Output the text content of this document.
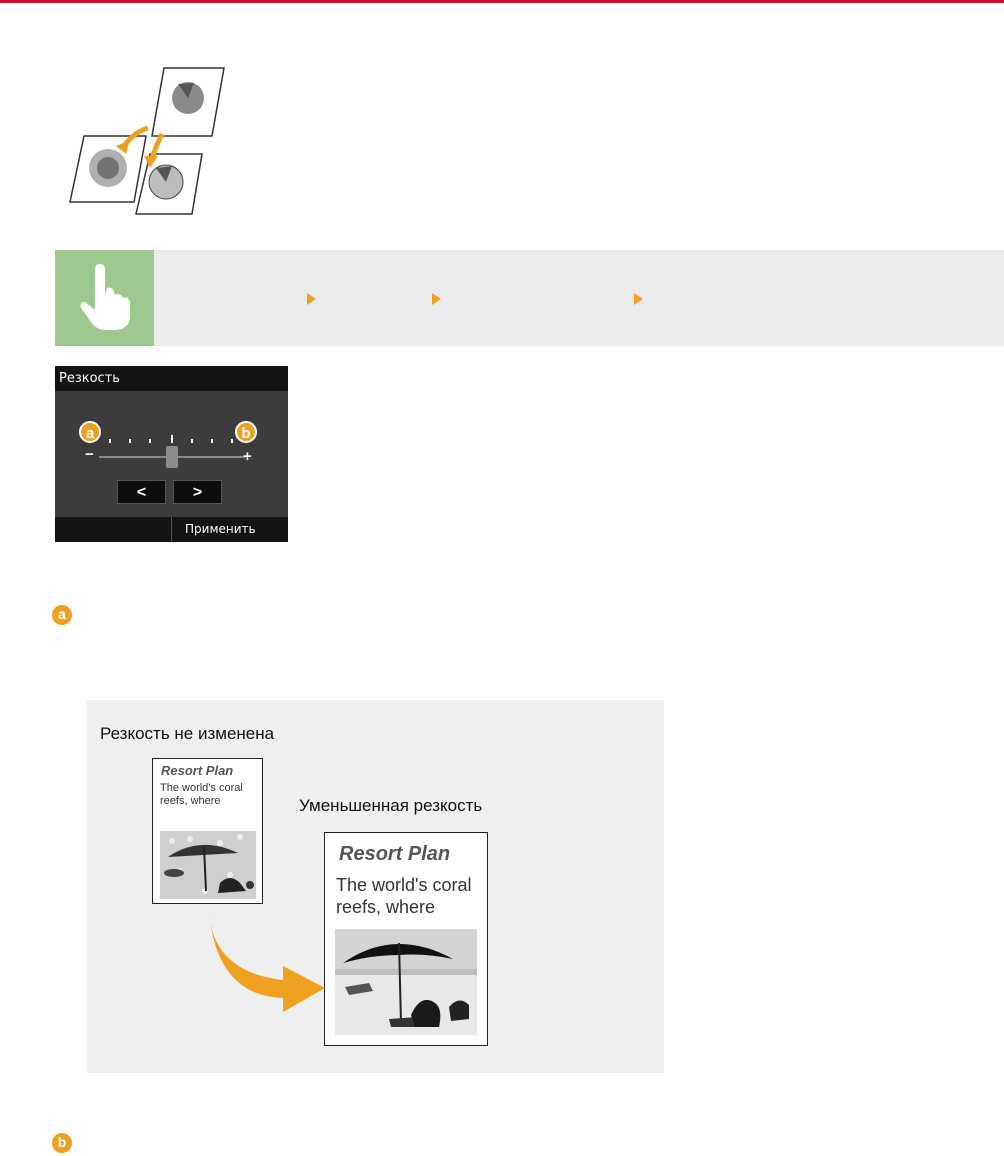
Резкость
−	+
a	b
<	>
Применить
a
Резкость не изменена
Resort Plan
The world's coral
reefs, where	Уменьшенная резкость
Resort Plan
The world's coral
reefs, where
b
